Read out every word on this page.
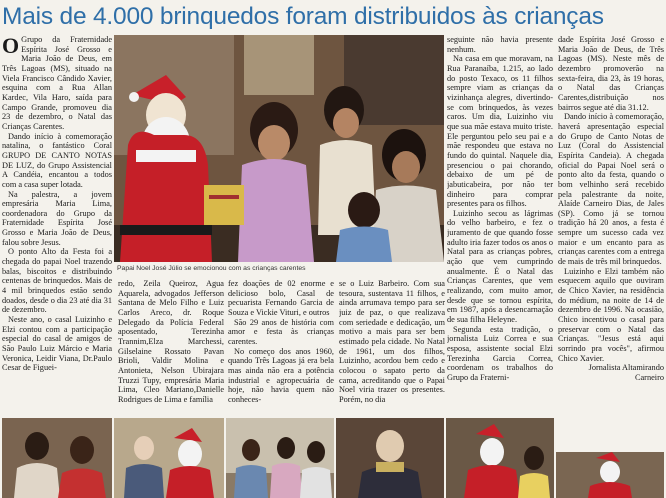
Mais de 4.000 brinquedos foram distribuidos às crianças

O Grupo da Fraternidade Espírita José Grosso e Maria João de Deus, em Três Lagoas (MS), situado na Viela Francisco Cândido Xavier, esquina com a Rua Allan Kardec, Vila Haro, saída para Campo Grande, promoveu dia 23 de dezembro, o Natal das Crianças Carentes.

Dando início à comemoração natalina, o fantástico Coral GRUPO DE CANTO NOTAS DE LUZ, do Grupo Assistencial A Candéia, encantou a todos com a casa super lotada.

Na palestra, a jovem empresária Maria Lima, coordenadora do Grupo da Fraternidade Espírita José Grosso e Maria João de Deus, falou sobre Jesus.

O ponto Alto da Festa foi a chegada do papai Noel trazendo balas, biscoitos e distribuindo centenas de brinquedos. Mais de 4 mil brinquedos estão sendo doados, desde o dia 23 até dia 31 de dezembro.

Neste ano, o casal Luizinho e Elzi contou com a participação especial do casal de amigos de São Paulo Luiz Márcio e Maria Veronica, Leidir Viana, Dr.Paulo Cesar de Figuei-

Papai Noel José Júlio se emocionou com as crianças carentes

redo, Zeila Queiroz, Agua Aquarela, advogados Jefferson Santana de Melo Filho e Luiz Carlos Areco, dr. Roque Delegado da Polícia Federal aposentado, Terezinha Trannim,Elza Marchessi, Gilselaine Rossato Pavan Brioli, Valdir Molina e Antonieta, Nelson Ubirajara Truzzi Tupy, empresária Maria Lima, Cleo Mariano,Danielle Rodrigues de Lima e família

fez doações de 02 enorme e delicioso bolo, Casal de pecuarista Fernando Garcia de Souza e Vickie Vituri, e outros

São 29 anos de história com amor e festa às crianças carentes.

No começo dos anos 1960, quando Três Lagoas já era bela mas ainda não era a potência industrial e agropecuária de hoje, não havia quem não conheces-

se o Luiz Barbeiro. Com sua tesoura, sustentava 11 filhos, e ainda arrumava tempo para ser juiz de paz, o que realizava com seriedade e dedicação, um motivo a mais para ser bem estimado pela cidade. No Natal de 1961, um dos filhos, Luizinho, acordou bem cedo e colocou o sapato perto da cama, acreditando que o Papai Noel viria trazer os presentes. Porém, no dia

seguinte não havia presente nenhum.

Na casa em que moravam, na Rua Paranaíba, 1.215, ao lado do posto Texaco, os 11 filhos sempre viam as crianças da vizinhança alegres, divertindo-se com brinquedos, às vezes caros. Um dia, Luizinho viu que sua mãe estava muito triste. Ele perguntou pelo seu pai e a mãe respondeu que estava no fundo do quintal. Naquele dia, presenciou o pai chorando, debaixo de um pé de jabuticabeira, por não ter dinheiro para comprar presentes para os filhos.

Luizinho secou as lágrimas do velho barbeiro, e fez o juramento de que quando fosse adulto iria fazer todos os anos o Natal para as crianças pobres, ação que vem cumprindo anualmente. É o Natal das Crianças Carentes, que vem realizando, com muito amor, desde que se tornou espírita, em 1987, após a desencarnação de sua filha Heleyne.

Segunda esta tradição, o jornalista Luiz Correa e sua esposa, assistente social Elzi Terezinha Garcia Correa, coordenam os trabalhos do Grupo da Fraterni-

dade Espírita José Grosso e Maria João de Deus, de Três Lagoas (MS). Neste mês de dezembro promoverão na sexta-feira, dia 23, às 19 horas, o Natal das Crianças Carentes,distribuição nos bairros segue até dia 31.12.

Dando início à comemoração, haverá apresentação especial do Grupo de Canto Notas de Luz (Coral do Assistencial Espírita Candeia). A chegada oficial do Papai Noel será o ponto alto da festa, quando o bom velhinho será recebido pela palestrante da noite, Alaíde Carneiro Dias, de Jales (SP). Como já se tornou tradição há 20 anos, a festa é sempre um sucesso cada vez maior e um encanto para as crianças carentes com a entrega de mais de três mil brinquedos.

Luizinho e Elzi também não esquecem aquilo que ouviram de Chico Xavier, na residência do médium, na noite de 14 de dezembro de 1996. Na ocasião, Chico incentivou o casal para preservar com o Natal das Crianças. "Jesus está aqui sorrindo pra vocês", afirmou Chico Xavier.

Jornalista Altamirando Carneiro
